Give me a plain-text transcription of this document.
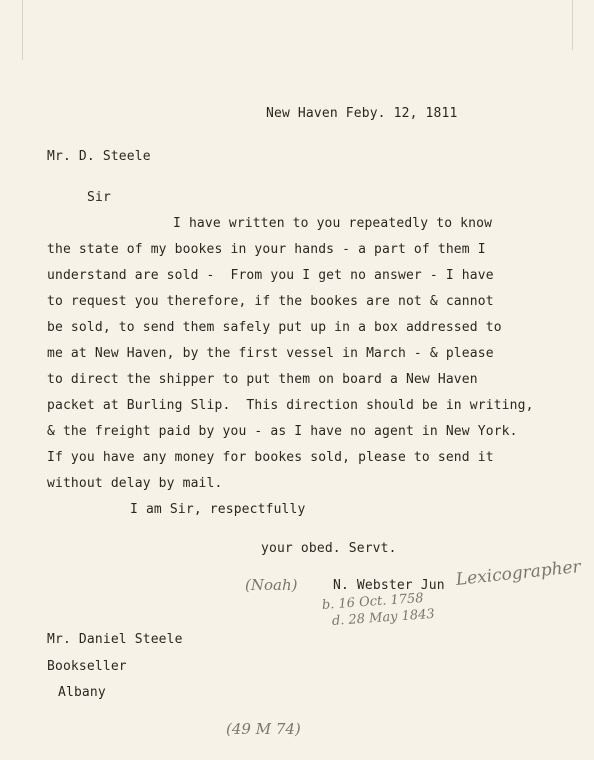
New Haven Feby. 12, 1811
Mr. D. Steele
Sir
I have written to you repeatedly to know
the state of my bookes in your hands - a part of them I
understand are sold -  From you I get no answer - I have
to request you therefore, if the bookes are not & cannot
be sold, to send them safely put up in a box addressed to
me at New Haven, by the first vessel in March - & please
to direct the shipper to put them on board a New Haven
packet at Burling Slip.  This direction should be in writing,
& the freight paid by you - as I have no agent in New York.
If you have any money for bookes sold, please to send it
without delay by mail.
I am Sir, respectfully
your obed. Servt.
(Noah)	N. Webster Jun Lexicographer
b. 16 Oct. 1758
d. 28 May 1843
Mr. Daniel Steele
Bookseller
Albany
(49 M 74)
